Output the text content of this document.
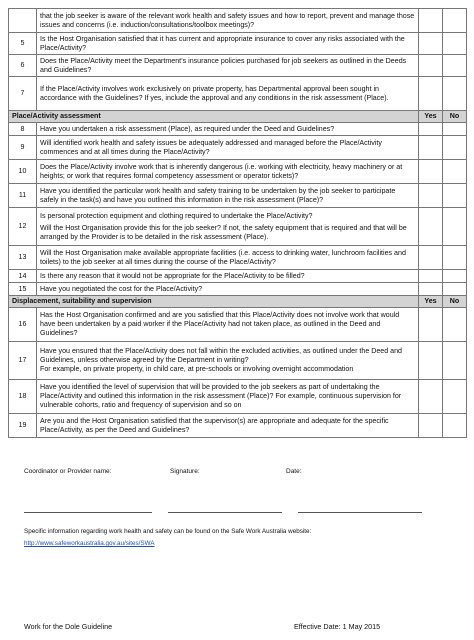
	that the job seeker is aware of the relevant work health and safety issues and how to report, prevent and manage those issues and concerns (i.e. induction/consultations/toolbox meetings)?		
5	Is the Host Organisation satisfied that it has current and appropriate insurance to cover any risks associated with the Place/Activity?		
6	Does the Place/Activity meet the Department’s insurance policies purchased for job seekers as outlined in the Deeds and Guidelines?		
7	If the Place/Activity involves work exclusively on private property, has Departmental approval been sought in accordance with the Guidelines? If yes, include the approval and any conditions in the risk assessment (Place).		
Place/Activity assessment		Yes	No
8	Have you undertaken a risk assessment (Place), as required under the Deed and Guidelines?		
9	Will identified work health and safety issues be adequately addressed and managed before the Place/Activity commences and at all times during the Place/Activity?		
10	Does the Place/Activity involve work that is inherently dangerous (i.e. working with electricity, heavy machinery or at heights; or work that requires formal competency assessment or operator tickets)?		
11	Have you identified the particular work health and safety training to be undertaken by the job seeker to participate safely in the task(s) and have you outlined this information in the risk assessment (Place)?		
12	Is personal protection equipment and clothing required to undertake the Place/Activity?
Will the Host Organisation provide this for the job seeker? If not, the safety equipment that is required and that will be arranged by the Provider is to be detailed in the risk assessment (Place).		

13	Will the Host Organisation make available appropriate facilities (i.e. access to drinking water, lunchroom facilities and toilets) to the job seeker at all times during the course of the Place/Activity?		
14	Is there any reason that it would not be appropriate for the Place/Activity to be filled?		
15	Have you negotiated the cost for the Place/Activity?		
Displacement, suitability and supervision		Yes	No
16	Has the Host Organisation confirmed and are you satisfied that this Place/Activity does not involve work that would have been undertaken by a paid worker if the Place/Activity had not taken place, as outlined in the Deed and Guidelines?		
17	Have you ensured that the Place/Activity does not fall within the excluded activities, as outlined under the Deed and Guidelines, unless otherwise agreed by the Department in writing?
For example, on private property, in child care, at pre-schools or involving overnight accommodation		

18	Have you identified the level of supervision that will be provided to the job seekers as part of undertaking the Place/Activity and outlined this information in the risk assessment (Place)? For example, continuous supervision for vulnerable cohorts, ratio and frequency of supervision and so on		
19	Are you and the Host Organisation satisfied that the supervisor(s) are appropriate and adequate for the specific Place/Activity, as per the Deed and Guidelines?		
Coordinator or Provider name:	Signature:	Date:
Specific information regarding work health and safety can be found on the Safe Work Australia website:
http://www.safeworkaustralia.gov.au/sites/SWA
Work for the Dole Guideline	Effective Date: 1 May 2015
